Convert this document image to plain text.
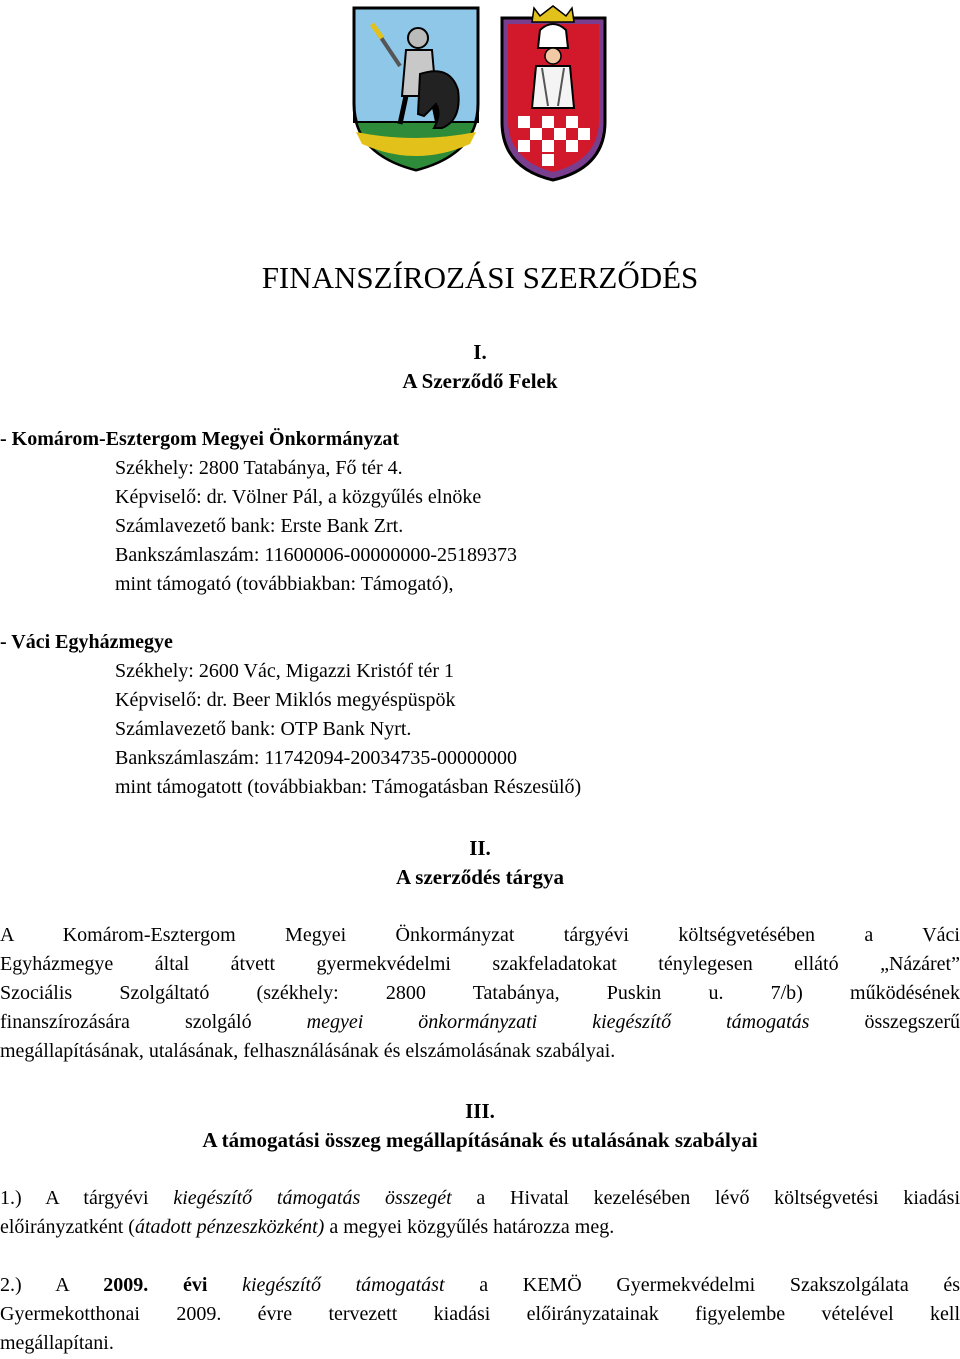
FINANSZÍROZÁSI SZERZŐDÉS
I.
A Szerződő Felek
- Komárom-Esztergom Megyei Önkormányzat
Székhely: 2800 Tatabánya, Fő tér 4.
Képviselő: dr. Völner Pál, a közgyűlés elnöke
Számlavezető bank: Erste Bank Zrt.
Bankszámlaszám: 11600006-00000000-25189373
mint támogató (továbbiakban: Támogató),
- Váci Egyházmegye
Székhely: 2600 Vác, Migazzi Kristóf tér 1
Képviselő: dr. Beer Miklós megyéspüspök
Számlavezető bank: OTP Bank Nyrt.
Bankszámlaszám: 11742094-20034735-00000000
mint támogatott (továbbiakban: Támogatásban Részesülő)
II.
A szerződés tárgya
A Komárom-Esztergom Megyei Önkormányzat tárgyévi költségvetésében a Váci
Egyházmegye által átvett gyermekvédelmi szakfeladatokat ténylegesen ellátó „Názáret”
Szociális Szolgáltató (székhely: 2800 Tatabánya, Puskin u. 7/b) működésének
finanszírozására szolgáló	megyei önkormányzati kiegészítő támogatás	összegszerű
megállapításának, utalásának, felhasználásának és elszámolásának szabályai.
III.
A támogatási összeg megállapításának és utalásának szabályai
1.) A tárgyévi kiegészítő támogatás összegét a Hivatal kezelésében lévő költségvetési kiadási
előirányzatként (átadott pénzeszközként) a megyei közgyűlés határozza meg.
2.) A 2009. évi kiegészítő támogatást a KEMÖ Gyermekvédelmi Szakszolgálata és
Gyermekotthonai 2009. évre tervezett kiadási előirányzatainak figyelembe vételével kell
megállapítani.
